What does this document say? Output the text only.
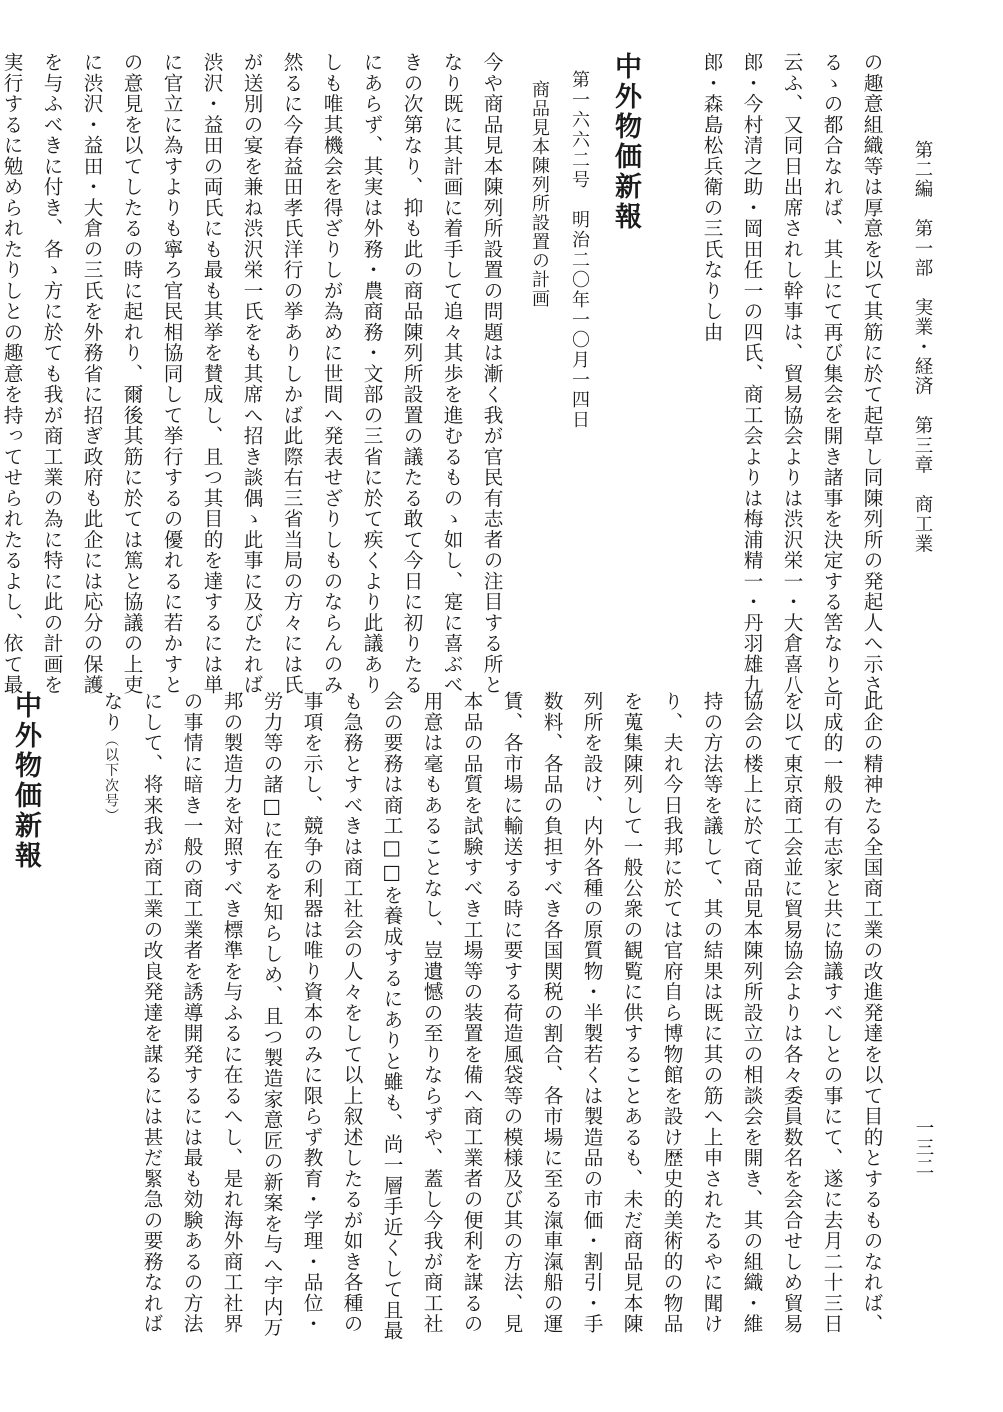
第二編　第一部　実業・経済　第三章　商工業
一三二

の趣意組織等は厚意を以て其筋に於て起草し同陳列所の発起人へ示さ

るゝの都合なれば、其上にて再び集会を開き諸事を決定する筈なりと

云ふ、又同日出席されし幹事は、貿易協会よりは渋沢栄一・大倉喜八

郎・今村清之助・岡田任一の四氏、商工会よりは梅浦精一・丹羽雄九

郎・森島松兵衛の三氏なりし由

中外物価新報

第一六六二号　明治二〇年一〇月一四日

商品見本陳列所設置の計画

今や商品見本陳列所設置の問題は漸く我が官民有志者の注目する所と

なり既に其計画に着手して追々其歩を進むるものゝ如し、寔に喜ぶべ

きの次第なり、抑も此の商品陳列所設置の議たる敢て今日に初りたる

にあらず、其実は外務・農商務・文部の三省に於て疾くより此議あり

しも唯其機会を得ざりしが為めに世間へ発表せざりしものならんのみ

然るに今春益田孝氏洋行の挙ありしかば此際右三省当局の方々には氏

が送別の宴を兼ね渋沢栄一氏をも其席へ招き談偶ゝ此事に及びたれば

渋沢・益田の両氏にも最も其挙を賛成し、且つ其目的を達するには単

に官立に為すよりも寧ろ官民相協同して挙行するの優れるに若かすと

の意見を以てしたるの時に起れり、爾後其筋に於ては篤と協議の上吏

に渋沢・益田・大倉の三氏を外務省に招ぎ政府も此企には応分の保護

を与ふべきに付き、各ゝ方に於ても我が商工業の為に特に此の計画を

実行するに勉められたりしとの趣意を持ってせられたるよし、依て最

此企の精神たる全国商工業の改進発達を以て目的とするものなれば、

可成的一般の有志家と共に協議すべしとの事にて、遂に去月二十三日

を以て東京商工会並に貿易協会よりは各々委員数名を会合せしめ貿易

協会の楼上に於て商品見本陳列所設立の相談会を開き、其の組織・維

持の方法等を議して、其の結果は既に其の筋へ上申されたるやに聞け

り、夫れ今日我邦に於ては官府自ら博物館を設け歴史的美術的の物品

を蒐集陳列して一般公衆の観覧に供することあるも、未だ商品見本陳

列所を設け、内外各種の原質物・半製若くは製造品の市価・割引・手

数料、各品の負担すべき各国関税の割合、各市場に至る滊車滊船の運

賃、各市場に輸送する時に要する荷造風袋等の模様及び其の方法、見

本品の品質を試験すべき工場等の装置を備へ商工業者の便利を謀るの

用意は毫もあることなし、豈遺憾の至りならずや、蓋し今我が商工社

会の要務は商工□□を養成するにありと雖も、尚一層手近くして且最

も急務とすべきは商工社会の人々をして以上叙述したるが如き各種の

事項を示し、競争の利器は唯り資本のみに限らず教育・学理・品位・

労力等の諸□に在るを知らしめ、且つ製造家意匠の新案を与へ宇内万

邦の製造力を対照すべき標準を与ふるに在るへし、是れ海外商工社界

の事情に暗き一般の商工業者を誘導開発するには最も効験あるの方法

にして、将来我が商工業の改良発達を謀るには甚だ緊急の要務なれば

なり（以下次号）

中外物価新報
